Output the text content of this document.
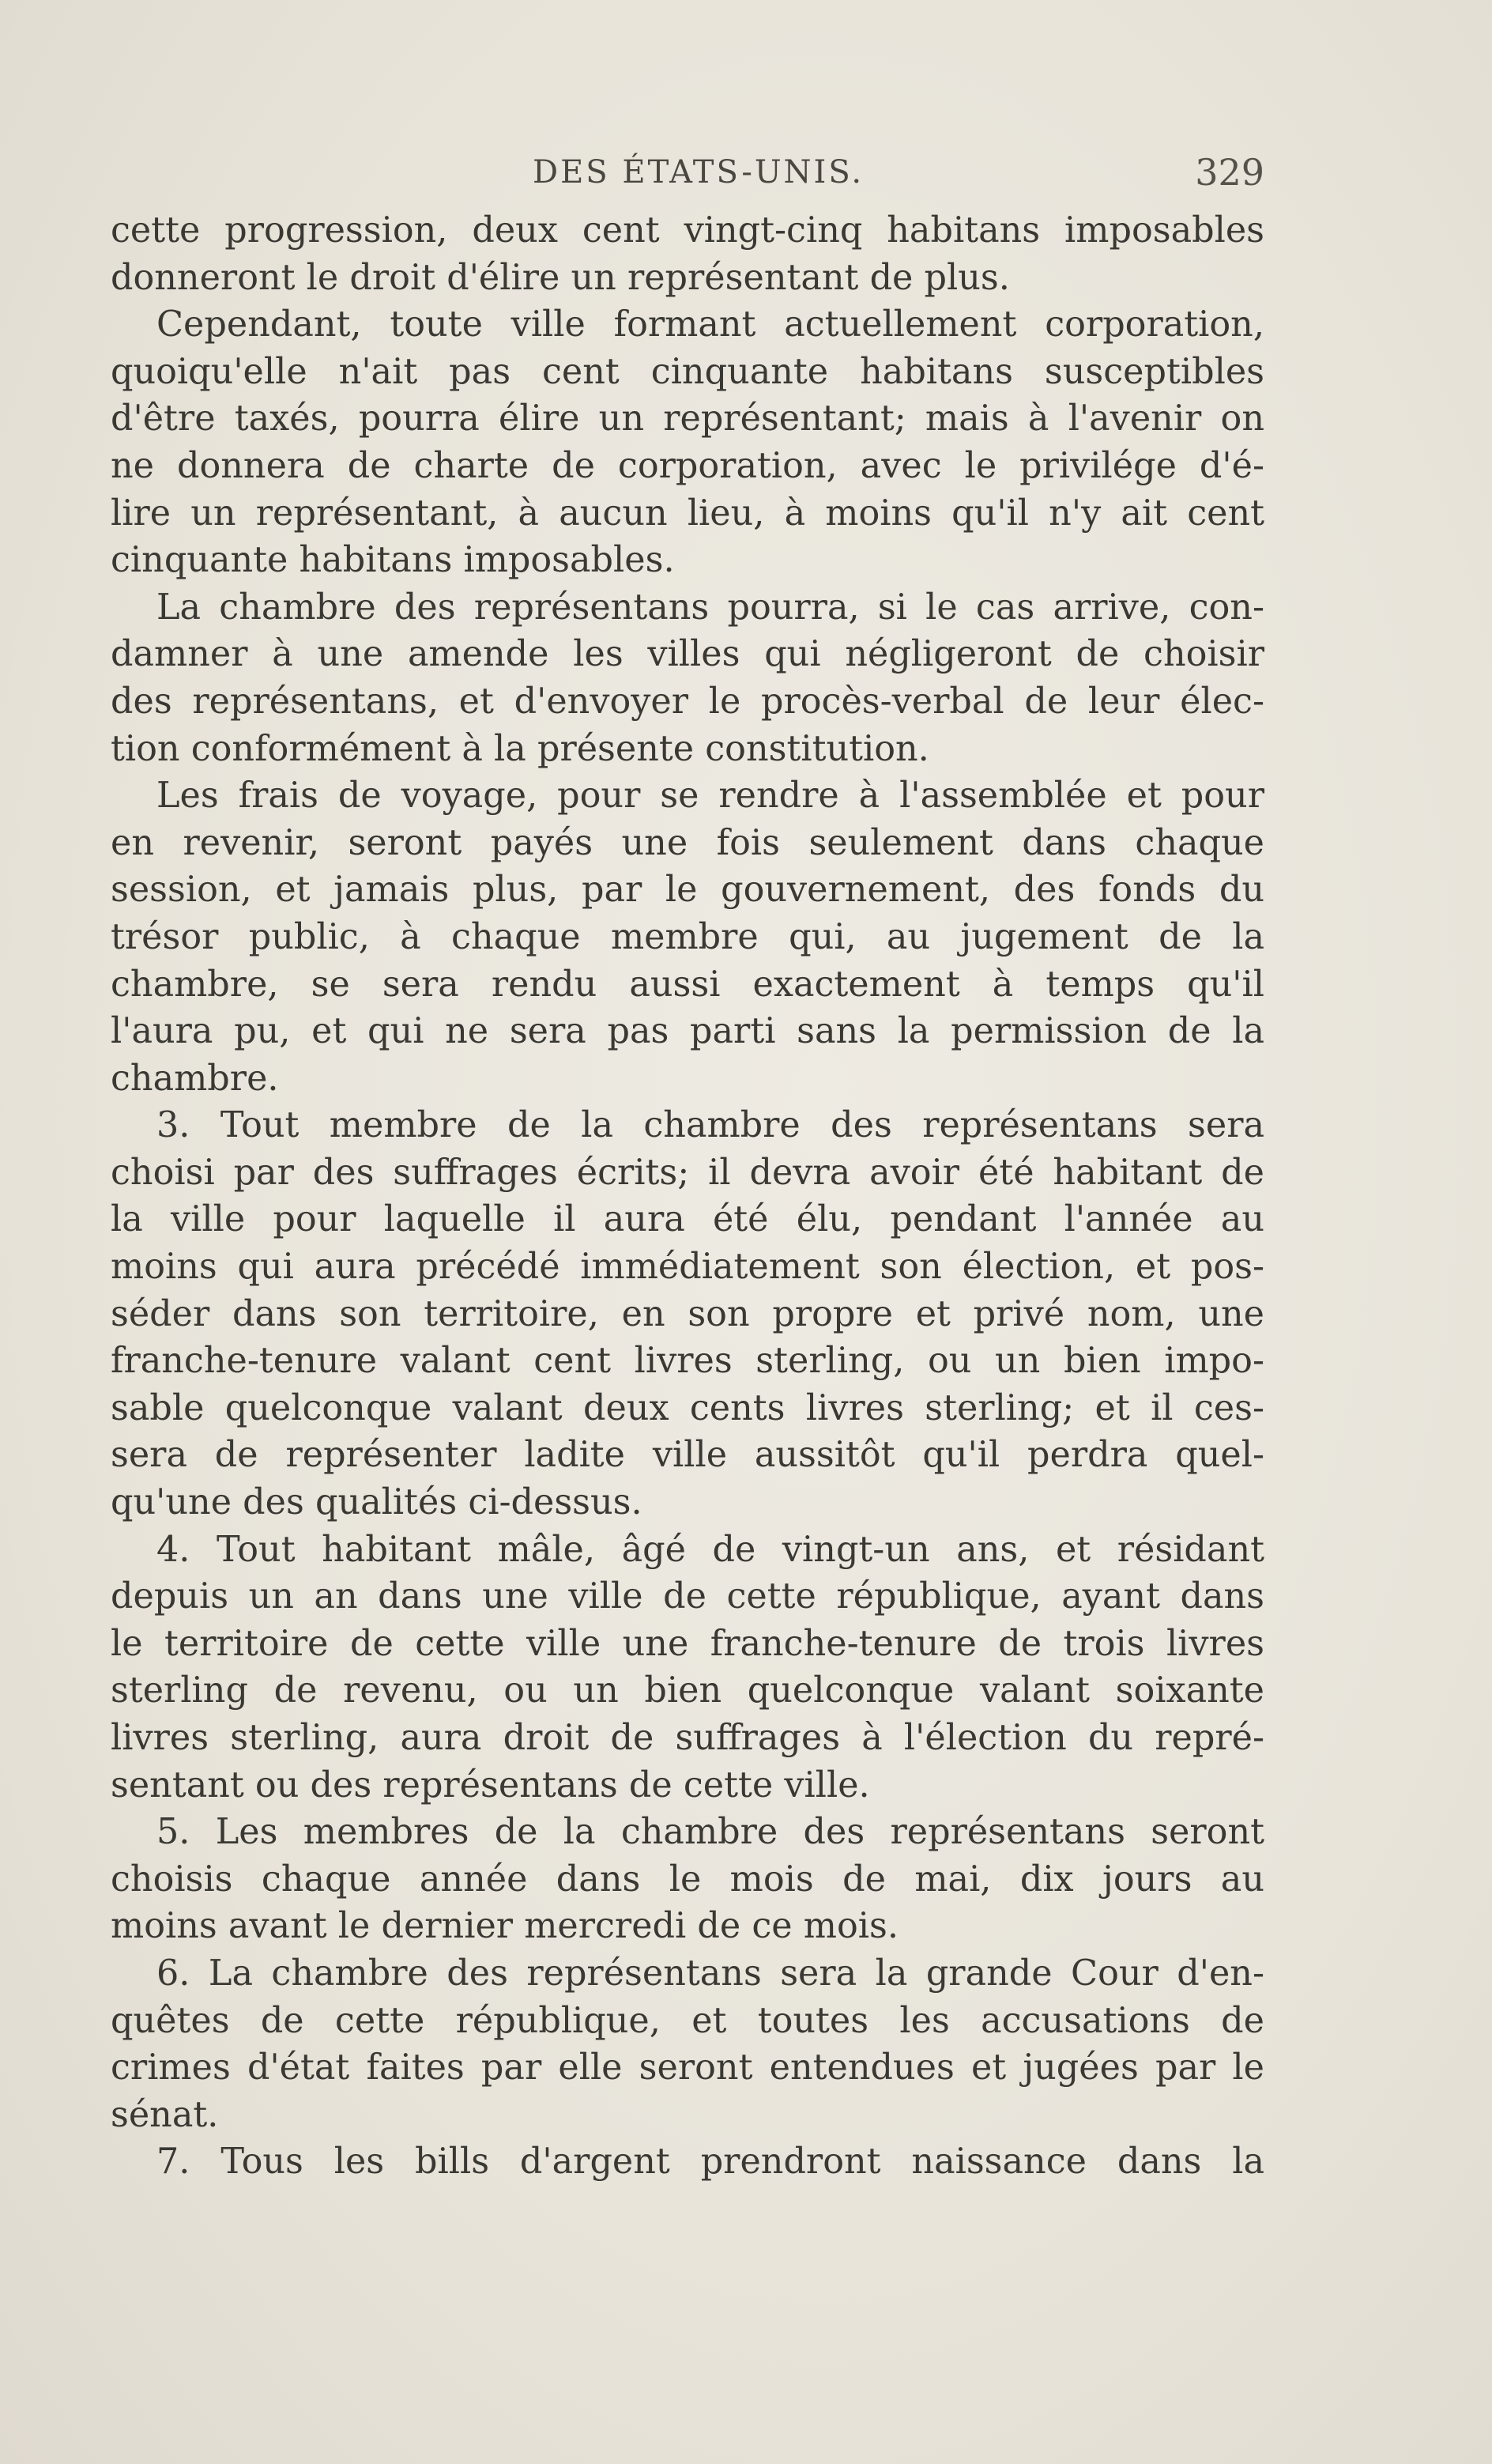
DES ÉTATS-UNIS.	329
cette progression, deux cent vingt-cinq habitans imposables
donneront le droit d'élire un représentant de plus.
Cependant, toute ville formant actuellement corporation,
quoiqu'elle n'ait pas cent cinquante habitans susceptibles
d'être taxés, pourra élire un représentant; mais à l'avenir on
ne donnera de charte de corporation, avec le privilége d'é-
lire un représentant, à aucun lieu, à moins qu'il n'y ait cent
cinquante habitans imposables.
La chambre des représentans pourra, si le cas arrive, con-
damner à une amende les villes qui négligeront de choisir
des représentans, et d'envoyer le procès-verbal de leur élec-
tion conformément à la présente constitution.
Les frais de voyage, pour se rendre à l'assemblée et pour
en revenir, seront payés une fois seulement dans chaque
session, et jamais plus, par le gouvernement, des fonds du
trésor public, à chaque membre qui, au jugement de la
chambre, se sera rendu aussi exactement à temps qu'il
l'aura pu, et qui ne sera pas parti sans la permission de la
chambre.
3. Tout membre de la chambre des représentans sera
choisi par des suffrages écrits; il devra avoir été habitant de
la ville pour laquelle il aura été élu, pendant l'année au
moins qui aura précédé immédiatement son élection, et pos-
séder dans son territoire, en son propre et privé nom, une
franche-tenure valant cent livres sterling, ou un bien impo-
sable quelconque valant deux cents livres sterling; et il ces-
sera de représenter ladite ville aussitôt qu'il perdra quel-
qu'une des qualités ci-dessus.
4. Tout habitant mâle, âgé de vingt-un ans, et résidant
depuis un an dans une ville de cette république, ayant dans
le territoire de cette ville une franche-tenure de trois livres
sterling de revenu, ou un bien quelconque valant soixante
livres sterling, aura droit de suffrages à l'élection du repré-
sentant ou des représentans de cette ville.
5. Les membres de la chambre des représentans seront
choisis chaque année dans le mois de mai, dix jours au
moins avant le dernier mercredi de ce mois.
6. La chambre des représentans sera la grande Cour d'en-
quêtes de cette république, et toutes les accusations de
crimes d'état faites par elle seront entendues et jugées par le
sénat.
7. Tous les bills d'argent prendront naissance dans la
